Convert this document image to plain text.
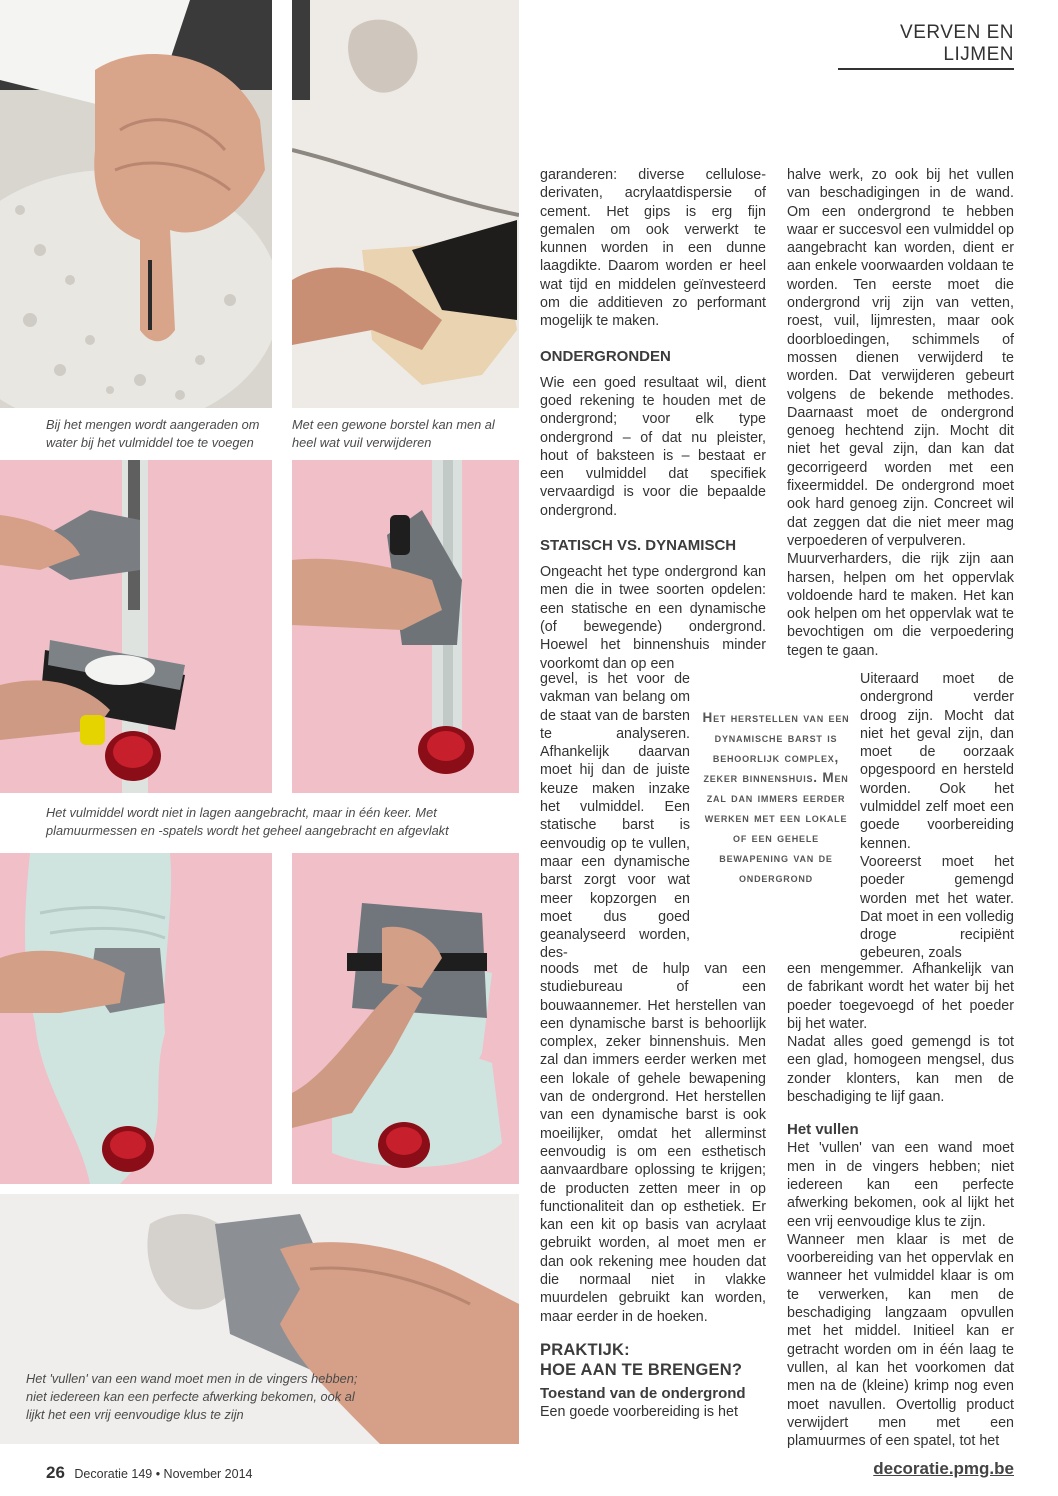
VERVEN EN LIJMEN
Bij het mengen wordt aangeraden om water bij het vulmiddel toe te voegen
Met een gewone borstel kan men al heel wat vuil verwijderen
Het vulmiddel wordt niet in lagen aangebracht, maar in één keer. Met plamuurmessen en -spatels wordt het geheel aangebracht en afgevlakt
Het 'vullen' van een wand moet men in de vingers hebben; niet iedereen kan een perfecte afwerking bekomen, ook al lijkt het een vrij eenvoudige klus te zijn

garanderen: diverse cellulose-derivaten, acrylaatdispersie of cement. Het gips is erg fijn gemalen om ook verwerkt te kunnen worden in een dunne laagdikte. Daarom worden er heel wat tijd en middelen geïnvesteerd om die additieven zo performant mogelijk te maken.

ONDERGRONDEN

Wie een goed resultaat wil, dient goed rekening te houden met de ondergrond; voor elk type ondergrond – of dat nu pleister, hout of baksteen is – bestaat er een vulmiddel dat specifiek vervaardigd is voor die bepaalde ondergrond.

STATISCH VS. DYNAMISCH

Ongeacht het type ondergrond kan men die in twee soorten opdelen: een statische en een dynamische (of bewegende) ondergrond. Hoewel het binnenshuis minder voorkomt dan op een

gevel, is het voor de vakman van belang om de staat van de barsten te analyseren. Afhankelijk daarvan moet hij dan de juiste keuze maken inzake het vulmiddel. Een statische barst is eenvoudig op te vullen, maar een dynamische barst zorgt voor wat meer kopzorgen en moet dus goed geanalyseerd worden, des-

noods met de hulp van een studiebureau of een bouwaannemer. Het herstellen van een dynamische barst is behoorlijk complex, zeker binnenshuis. Men zal dan immers eerder werken met een lokale of gehele bewapening van de ondergrond. Het herstellen van een dynamische barst is ook moeilijker, omdat het allerminst eenvoudig is om een esthetisch aanvaardbare oplossing te krijgen; de producten zetten meer in op functionaliteit dan op esthetiek. Er kan een kit op basis van acrylaat gebruikt worden, al moet men er dan ook rekening mee houden dat die normaal niet in vlakke muurdelen gebruikt kan worden, maar eerder in de hoeken.

PRAKTIJK:
HOE AAN TE BRENGEN?
Toestand van de ondergrond

Een goede voorbereiding is het

Het herstellen van een dynamische barst is behoorlijk complex, zeker binnenshuis. Men zal dan immers eerder werken met een lokale of een gehele bewapening van de ondergrond

halve werk, zo ook bij het vullen van beschadigingen in de wand. Om een ondergrond te hebben waar er succesvol een vulmiddel op aangebracht kan worden, dient er aan enkele voorwaarden voldaan te worden. Ten eerste moet die ondergrond vrij zijn van vetten, roest, vuil, lijmresten, maar ook doorbloedingen, schimmels of mossen dienen verwijderd te worden. Dat verwijderen gebeurt volgens de bekende methodes. Daarnaast moet de ondergrond genoeg hechtend zijn. Mocht dit niet het geval zijn, dan kan dat gecorrigeerd worden met een fixeermiddel. De ondergrond moet ook hard genoeg zijn. Concreet wil dat zeggen dat die niet meer mag verpoederen of verpulveren.

Muurverharders, die rijk zijn aan harsen, helpen om het oppervlak voldoende hard te maken. Het kan ook helpen om het oppervlak wat te bevochtigen om die verpoedering tegen te gaan.

Uiteraard moet de ondergrond verder droog zijn. Mocht dat niet het geval zijn, dan moet de oorzaak opgespoord en hersteld worden. Ook het vulmiddel zelf moet een goede voorbereiding kennen.

Vooreerst moet het poeder gemengd worden met het water. Dat moet in een volledig droge recipiënt gebeuren, zoals

een mengemmer. Afhankelijk van de fabrikant wordt het water bij het poeder toegevoegd of het poeder bij het water.

Nadat alles goed gemengd is tot een glad, homogeen mengsel, dus zonder klonters, kan men de beschadiging te lijf gaan.

Het vullen

Het 'vullen' van een wand moet men in de vingers hebben; niet iedereen kan een perfecte afwerking bekomen, ook al lijkt het een vrij eenvoudige klus te zijn.

Wanneer men klaar is met de voorbereiding van het oppervlak en wanneer het vulmiddel klaar is om te verwerken, kan men de beschadiging langzaam opvullen met het middel. Initieel kan er getracht worden om in één laag te vullen, al kan het voorkomen dat men na de (kleine) krimp nog even moet navullen. Overtollig product verwijdert men met een plamuurmes of een spatel, tot het

26 Decoratie 149 • November 2014	decoratie.pmg.be
